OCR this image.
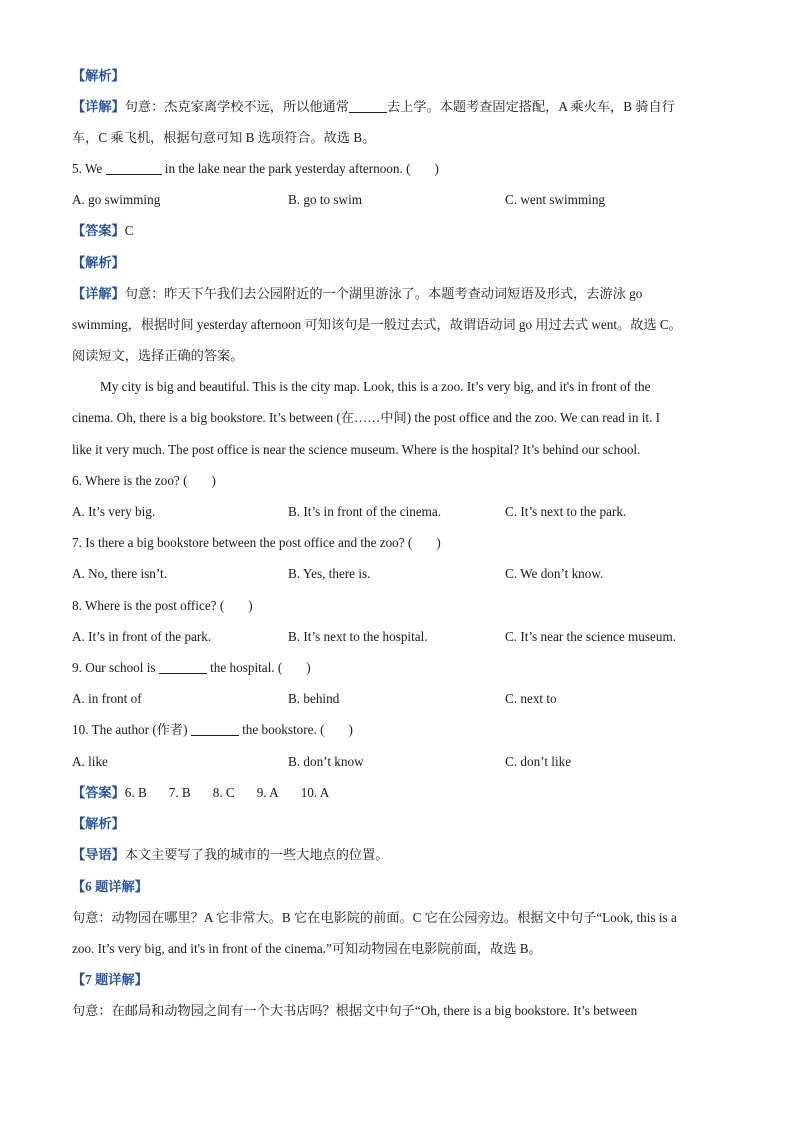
【解析】
【详解】句意：杰克家离学校不远，所以他通常	去上学。本题考查固定搭配，A 乘火车，B 骑自行
车，C 乘飞机，根据句意可知 B 选项符合。故选 B。
5. We	in the lake near the park yesterday afternoon. ( )
A. go swimming	B. go to swim	C. went swimming
【答案】C
【解析】
【详解】句意：昨天下午我们去公园附近的一个湖里游泳了。本题考查动词短语及形式，去游泳 go
swimming，根据时间 yesterday afternoon 可知该句是一般过去式，故谓语动词 go 用过去式 went。故选 C。
阅读短文，选择正确的答案。
My city is big and beautiful. This is the city map. Look, this is a zoo. It’s very big, and it's in front of the
cinema. Oh, there is a big bookstore. It’s between (在……中间) the post office and the zoo. We can read in it. I
like it very much. The post office is near the science museum. Where is the hospital? It’s behind our school.
6. Where is the zoo? ( )
A. It’s very big.	B. It’s in front of the cinema.	C. It’s next to the park.
7. Is there a big bookstore between the post office and the zoo? ( )
A. No, there isn’t.	B. Yes, there is.	C. We don’t know.
8. Where is the post office? ( )
A. It’s in front of the park.	B. It’s next to the hospital.	C. It’s near the science museum.
9. Our school is	the hospital. ( )
A. in front of	B. behind	C. next to
10. The author (作者)	the bookstore. ( )
A. like	B. don’t know	C. don’t like
【答案】6. B 7. B 8. C 9. A 10. A
【解析】
【导语】本文主要写了我的城市的一些大地点的位置。
【6 题详解】
句意：动物园在哪里？A 它非常大。B 它在电影院的前面。C 它在公园旁边。根据文中句子“Look, this is a
zoo. It’s very big, and it's in front of the cinema.”可知动物园在电影院前面，故选 B。
【7 题详解】
句意：在邮局和动物园之间有一个大书店吗？根据文中句子“Oh, there is a big bookstore. It’s between
